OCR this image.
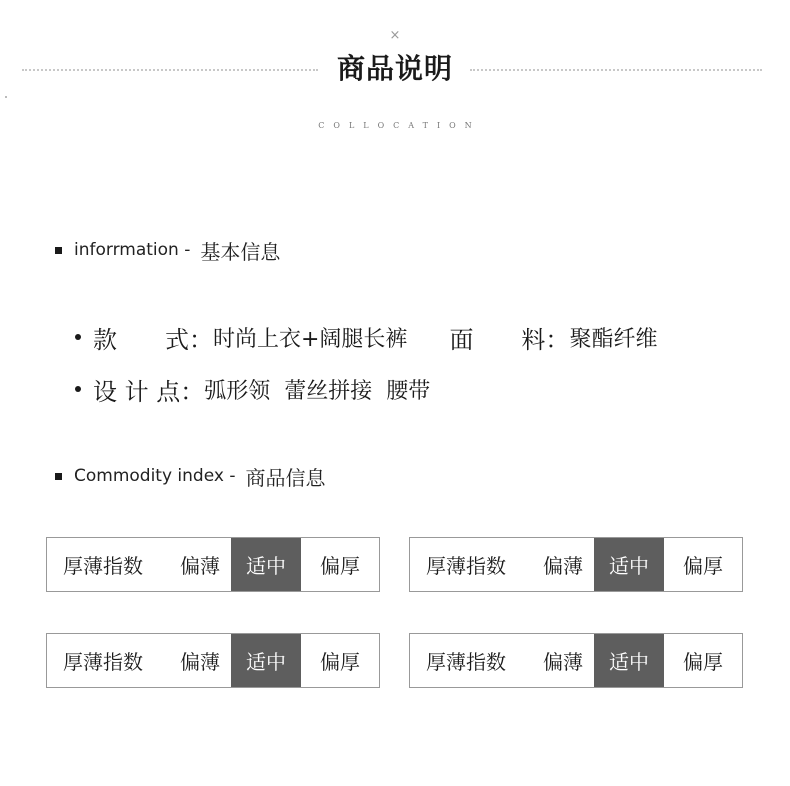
×
商品说明
COLLOCATION
inforrmation - 基本信息
款　　式： 时尚上衣+阔腿长裤 面　　料： 聚酯纤维
设 计 点： 弧形领  蕾丝拼接  腰带
Commodity index - 商品信息
厚薄指数	偏薄	适中	偏厚	厚薄指数	偏薄	适中	偏厚
厚薄指数	偏薄	适中	偏厚	厚薄指数	偏薄	适中	偏厚
